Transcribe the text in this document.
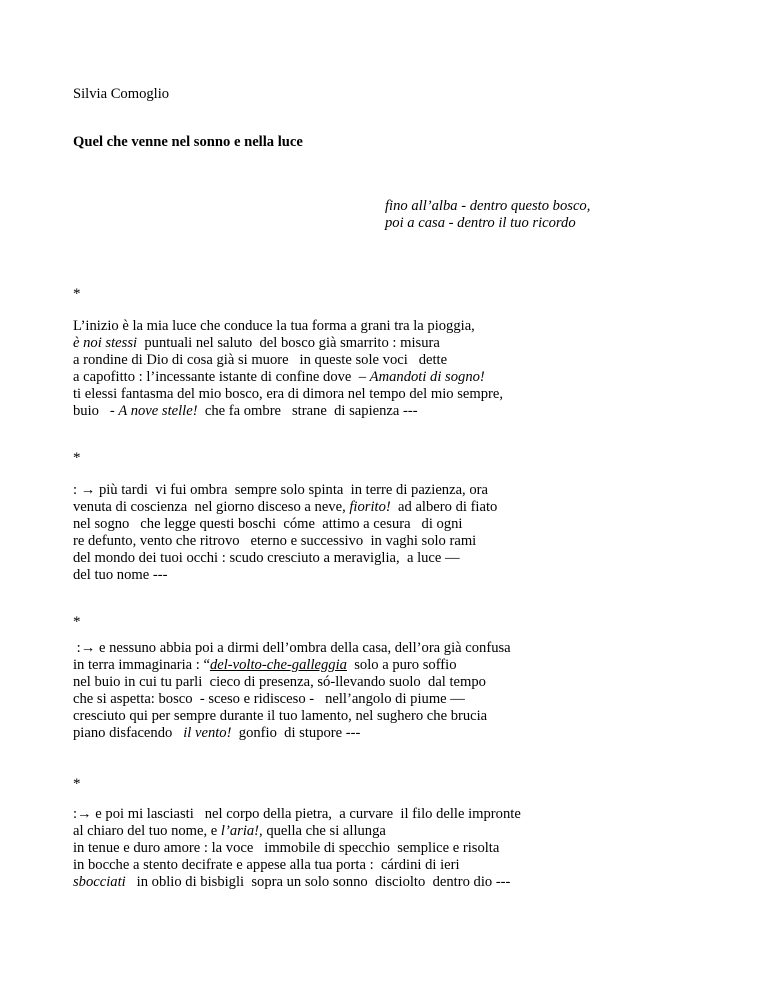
Silvia Comoglio
Quel che venne nel sonno e nella luce
fino all’alba - dentro questo bosco,
poi a casa - dentro il tuo ricordo
*
L’inizio è la mia luce che conduce la tua forma a grani tra la pioggia,
è noi stessi  puntuali nel saluto  del bosco già smarrito : misura
a rondine di Dio di cosa già si muore   in queste sole voci   dette
a capofitto : l’incessante istante di confine dove  – Amandoti di sogno!
ti elessi fantasma del mio bosco, era di dimora nel tempo del mio sempre,
buio   - A nove stelle!  che fa ombre   strane  di sapienza ---
*
: → più tardi  vi fui ombra  sempre solo spinta  in terre di pazienza, ora
venuta di coscienza  nel giorno disceso a neve, fiorito!  ad albero di fiato
nel sogno   che legge questi boschi  cóme  attimo a cesura   di ogni
re defunto, vento che ritrovo   eterno e successivo  in vaghi solo rami
del mondo dei tuoi occhi : scudo cresciuto a meraviglia,  a luce ―
del tuo nome ---
*
:→ e nessuno abbia poi a dirmi dell’ombra della casa, dell’ora già confusa
in terra immaginaria : “del-volto-che-galleggia  solo a puro soffio
nel buio in cui tu parli  cieco di presenza, só-llevando suolo  dal tempo
che si aspetta: bosco  - sceso e ridisceso -   nell’angolo di piume ―
cresciuto qui per sempre durante il tuo lamento, nel sughero che brucia
piano disfacendo   il vento!  gonfio  di stupore ---
*
:→ e poi mi lasciasti   nel corpo della pietra,  a curvare  il filo delle impronte
al chiaro del tuo nome, e l’aria!, quella che si allunga
in tenue e duro amore : la voce   immobile di specchio  semplice e risolta
in bocche a stento decifrate e appese alla tua porta :  cárdini di ieri
sbocciati   in oblio di bisbigli  sopra un solo sonno  disciolto  dentro dio ---
